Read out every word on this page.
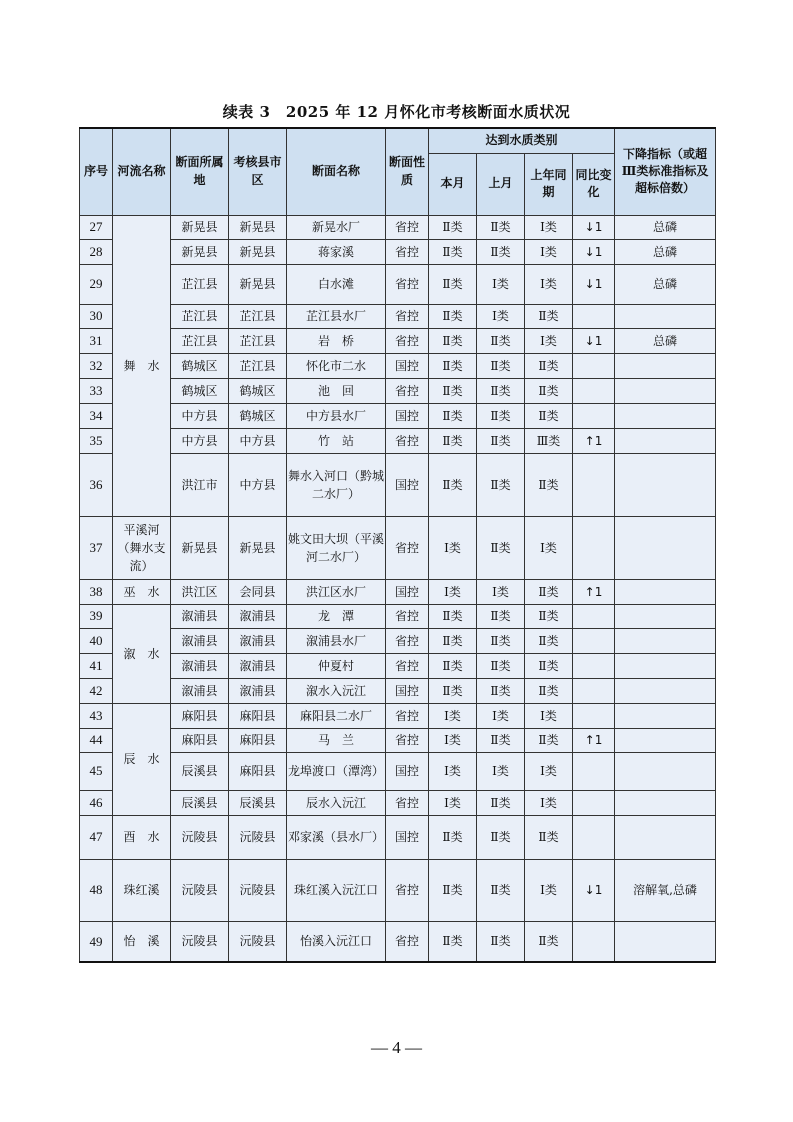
续表 3　2025 年 12 月怀化市考核断面水质状况
序号	河流名称	断面所属地	考核县市区	断面名称	断面性质	达到水质类别				下降指标（或超Ⅲ类标准指标及超标倍数）
						本月	上月	上年同期	同比变化	
27	舞　水	新晃县	新晃县	新晃水厂	省控	Ⅱ类	Ⅱ类	Ⅰ类	↓1	总磷
28		新晃县	新晃县	蒋家溪	省控	Ⅱ类	Ⅱ类	Ⅰ类	↓1	总磷
29		芷江县	新晃县	白水滩	省控	Ⅱ类	Ⅰ类	Ⅰ类	↓1	总磷
30		芷江县	芷江县	芷江县水厂	省控	Ⅱ类	Ⅰ类	Ⅱ类		
31		芷江县	芷江县	岩　桥	省控	Ⅱ类	Ⅱ类	Ⅰ类	↓1	总磷
32		鹤城区	芷江县	怀化市二水	国控	Ⅱ类	Ⅱ类	Ⅱ类		
33		鹤城区	鹤城区	池　回	省控	Ⅱ类	Ⅱ类	Ⅱ类		
34		中方县	鹤城区	中方县水厂	国控	Ⅱ类	Ⅱ类	Ⅱ类		
35		中方县	中方县	竹　站	省控	Ⅱ类	Ⅱ类	Ⅲ类	↑1	
36		洪江市	中方县	舞水入河口（黔城二水厂）	国控	Ⅱ类	Ⅱ类	Ⅱ类		
37	平溪河（舞水支流）	新晃县	新晃县	姚文田大坝（平溪河二水厂）	省控	Ⅰ类	Ⅱ类	Ⅰ类		
38	巫　水	洪江区	会同县	洪江区水厂	国控	Ⅰ类	Ⅰ类	Ⅱ类	↑1	
39	溆　水	溆浦县	溆浦县	龙　潭	省控	Ⅱ类	Ⅱ类	Ⅱ类		
40		溆浦县	溆浦县	溆浦县水厂	省控	Ⅱ类	Ⅱ类	Ⅱ类		
41		溆浦县	溆浦县	仲夏村	省控	Ⅱ类	Ⅱ类	Ⅱ类		
42		溆浦县	溆浦县	溆水入沅江	国控	Ⅱ类	Ⅱ类	Ⅱ类		
43	辰　水	麻阳县	麻阳县	麻阳县二水厂	省控	Ⅰ类	Ⅰ类	Ⅰ类		
44		麻阳县	麻阳县	马　兰	省控	Ⅰ类	Ⅱ类	Ⅱ类	↑1	
45		辰溪县	麻阳县	龙埠渡口（潭湾）	国控	Ⅰ类	Ⅰ类	Ⅰ类		
46		辰溪县	辰溪县	辰水入沅江	省控	Ⅰ类	Ⅱ类	Ⅰ类		
47	酉　水	沅陵县	沅陵县	邓家溪（县水厂）	国控	Ⅱ类	Ⅱ类	Ⅱ类		
48	珠红溪	沅陵县	沅陵县	珠红溪入沅江口	省控	Ⅱ类	Ⅱ类	Ⅰ类	↓1	溶解氧,总磷
49	怡　溪	沅陵县	沅陵县	怡溪入沅江口	省控	Ⅱ类	Ⅱ类	Ⅱ类		
— 4 —
